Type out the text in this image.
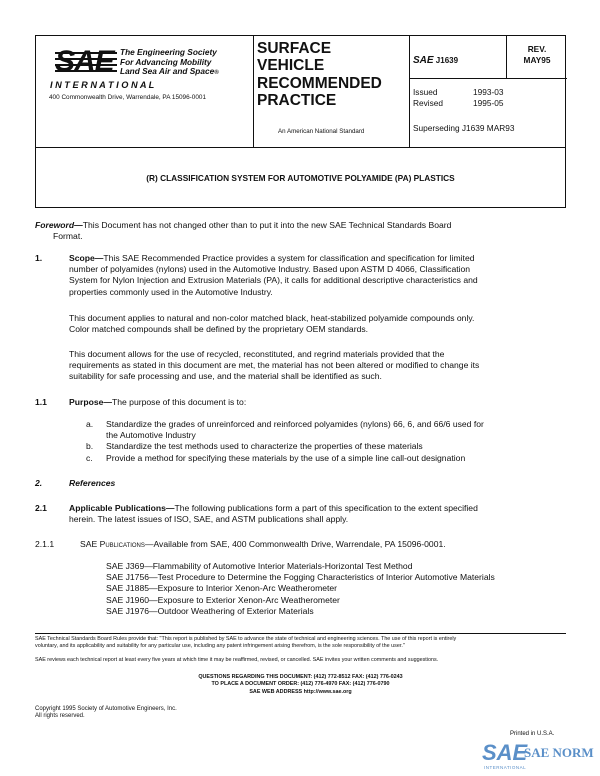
SAE The Engineering Society
For Advancing Mobility
Land Sea Air and Space®
I N T E R N A T I O N A L
400 Commonwealth Drive, Warrendale, PA 15096-0001
SURFACE
VEHICLE
RECOMMENDED
PRACTICE
An American National Standard
SAE J1639
REV.
MAY95
Issued	1993-03
Revised	1995-05
Superseding J1639 MAR93
(R) CLASSIFICATION SYSTEM FOR AUTOMOTIVE POLYAMIDE (PA) PLASTICS
Foreword—This Document has not changed other than to put it into the new SAE Technical Standards Board
Format.
1.	Scope—This SAE Recommended Practice provides a system for classification and specification for limited
number of polyamides (nylons) used in the Automotive Industry. Based upon ASTM D 4066, Classification
System for Nylon Injection and Extrusion Materials (PA), it calls for additional descriptive characteristics and
properties commonly used in the Automotive Industry.
This document applies to natural and non-color matched black, heat-stabilized polyamide compounds only.
Color matched compounds shall be defined by the proprietary OEM standards.
This document allows for the use of recycled, reconstituted, and regrind materials provided that the
requirements as stated in this document are met, the material has not been altered or modified to change its
suitability for safe processing and use, and the material shall be identified as such.
1.1	Purpose—The purpose of this document is to:
a. Standardize the grades of unreinforced and reinforced polyamides (nylons) 66, 6, and 66/6 used for
the Automotive Industry
b. Standardize the test methods used to characterize the properties of these materials
c. Provide a method for specifying these materials by the use of a simple line call-out designation
2.	References
2.1	Applicable Publications—The following publications form a part of this specification to the extent specified
herein. The latest issues of ISO, SAE, and ASTM publications shall apply.
2.1.1	SAE Publications—Available from SAE, 400 Commonwealth Drive, Warrendale, PA 15096-0001.
SAE J369—Flammability of Automotive Interior Materials-Horizontal Test Method
SAE J1756—Test Procedure to Determine the Fogging Characteristics of Interior Automotive Materials
SAE J1885—Exposure to Interior Xenon-Arc Weatherometer
SAE J1960—Exposure to Exterior Xenon-Arc Weatherometer
SAE J1976—Outdoor Weathering of Exterior Materials
SAE Technical Standards Board Rules provide that: "This report is published by SAE to advance the state of technical and engineering sciences. The use of this report is entirely
voluntary, and its applicability and suitability for any particular use, including any patent infringement arising therefrom, is the sole responsibility of the user."
SAE reviews each technical report at least every five years at which time it may be reaffirmed, revised, or cancelled. SAE invites your written comments and suggestions.
QUESTIONS REGARDING THIS DOCUMENT: (412) 772-8512 FAX: (412) 776-0243
TO PLACE A DOCUMENT ORDER: (412) 776-4970 FAX: (412) 776-0790
SAE WEB ADDRESS http://www.sae.org
Copyright 1995 Society of Automotive Engineers, Inc.
All rights reserved.
Printed in U.S.A.
SAE
SAE NORM
INTERNATIONAL
